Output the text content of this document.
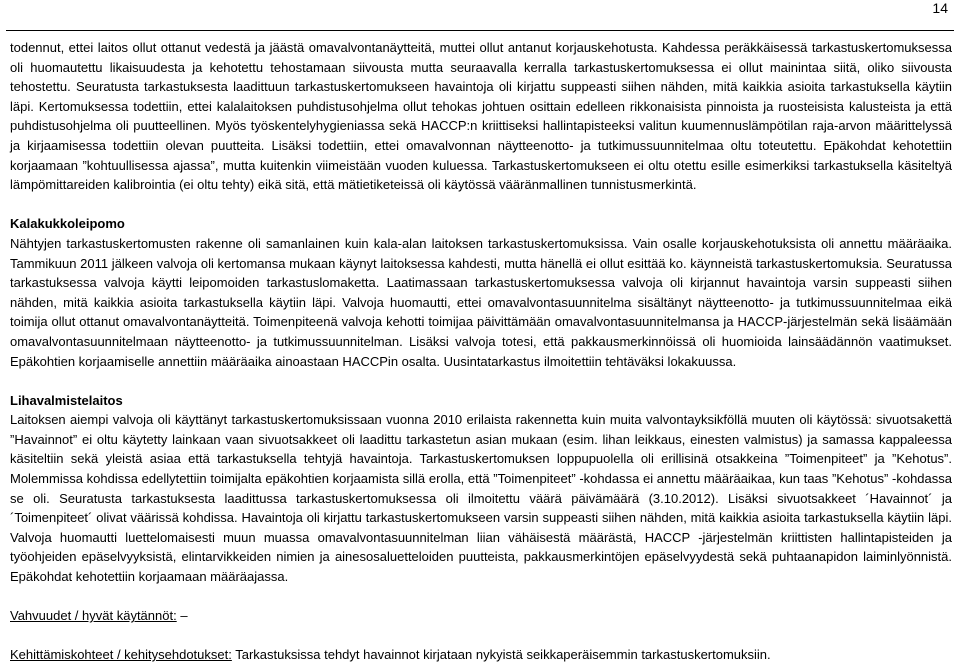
14

todennut, ettei laitos ollut ottanut vedestä ja jäästä omavalvontanäytteitä, muttei ollut antanut korjauskehotusta. Kahdessa peräkkäisessä tarkastuskertomuksessa oli huomautettu likaisuudesta ja kehotettu tehostamaan siivousta mutta seuraavalla kerralla tarkastuskertomuksessa ei ollut mainintaa siitä, oliko siivousta tehostettu. Seuratusta tarkastuksesta laadittuun tarkastuskertomukseen havaintoja oli kirjattu suppeasti siihen nähden, mitä kaikkia asioita tarkastuksella käytiin läpi. Kertomuksessa todettiin, ettei kalalaitoksen puhdistusohjelma ollut tehokas johtuen osittain edelleen rikkonaisista pinnoista ja ruosteisista kalusteista ja että puhdistusohjelma oli puutteellinen. Myös työskentelyhygieniassa sekä HACCP:n kriittiseksi hallintapisteeksi valitun kuumennuslämpötilan raja-arvon määrittelyssä ja kirjaamisessa todettiin olevan puutteita. Lisäksi todettiin, ettei omavalvonnan näytteenotto- ja tutkimussuunnitelmaa oltu toteutettu. Epäkohdat kehotettiin korjaamaan ”kohtuullisessa ajassa”, mutta kuitenkin viimeistään vuoden kuluessa. Tarkastuskertomukseen ei oltu otettu esille esimerkiksi tarkastuksella käsiteltyä lämpömittareiden kalibrointia (ei oltu tehty) eikä sitä, että mätietiketeissä oli käytössä vääränmallinen tunnistusmerkintä.

Kalakukkoleipomo

Nähtyjen tarkastuskertomusten rakenne oli samanlainen kuin kala-alan laitoksen tarkastuskertomuksissa. Vain osalle korjauskehotuksista oli annettu määräaika. Tammikuun 2011 jälkeen valvoja oli kertomansa mukaan käynyt laitoksessa kahdesti, mutta hänellä ei ollut esittää ko. käynneistä tarkastuskertomuksia. Seuratussa tarkastuksessa valvoja käytti leipomoiden tarkastuslomaketta. Laatimassaan tarkastuskertomuksessa valvoja oli kirjannut havaintoja varsin suppeasti siihen nähden, mitä kaikkia asioita tarkastuksella käytiin läpi. Valvoja huomautti, ettei omavalvontasuunnitelma sisältänyt näytteenotto- ja tutkimussuunnitelmaa eikä toimija ollut ottanut omavalvontanäytteitä. Toimenpiteenä valvoja kehotti toimijaa päivittämään omavalvontasuunnitelmansa ja HACCP-järjestelmän sekä lisäämään omavalvontasuunnitelmaan näytteenotto- ja tutkimussuunnitelman. Lisäksi valvoja totesi, että pakkausmerkinnöissä oli huomioida lainsäädännön vaatimukset. Epäkohtien korjaamiselle annettiin määräaika ainoastaan HACCPin osalta. Uusintatarkastus ilmoitettiin tehtäväksi lokakuussa.

Lihavalmistelaitos

Laitoksen aiempi valvoja oli käyttänyt tarkastuskertomuksissaan vuonna 2010 erilaista rakennetta kuin muita valvontayksikföllä muuten oli käytössä: sivuotsakettä ”Havainnot” ei oltu käytetty lainkaan vaan sivuotsakkeet oli laadittu tarkastetun asian mukaan (esim. lihan leikkaus, einesten valmistus) ja samassa kappaleessa käsiteltiin sekä yleistä asiaa että tarkastuksella tehtyjä havaintoja. Tarkastuskertomuksen loppupuolella oli erillisinä otsakkeina ”Toimenpiteet” ja ”Kehotus”. Molemmissa kohdissa edellytettiin toimijalta epäkohtien korjaamista sillä erolla, että ”Toimenpiteet” -kohdassa ei annettu määräaikaa, kun taas ”Kehotus” -kohdassa se oli. Seuratusta tarkastuksesta laadittussa tarkastuskertomuksessa oli ilmoitettu väärä päivämäärä (3.10.2012). Lisäksi sivuotsakkeet ´Havainnot´ ja ´Toimenpiteet´ olivat väärissä kohdissa. Havaintoja oli kirjattu tarkastuskertomukseen varsin suppeasti siihen nähden, mitä kaikkia asioita tarkastuksella käytiin läpi. Valvoja huomautti luettelomaisesti muun muassa omavalvontasuunnitelman liian vähäisestä määrästä, HACCP -järjestelmän kriittisten hallintapisteiden ja työohjeiden epäselvyyksistä, elintarvikkeiden nimien ja ainesosaluetteloiden puutteista, pakkausmerkintöjen epäselvyydestä sekä puhtaanapidon laiminlyönnistä. Epäkohdat kehotettiin korjaamaan määräajassa.

Vahvuudet / hyvät käytännöt: –

Kehittämiskohteet / kehitysehdotukset: Tarkastuksissa tehdyt havainnot kirjataan nykyistä seikkaperäisemmin tarkastuskertomuksiin.
